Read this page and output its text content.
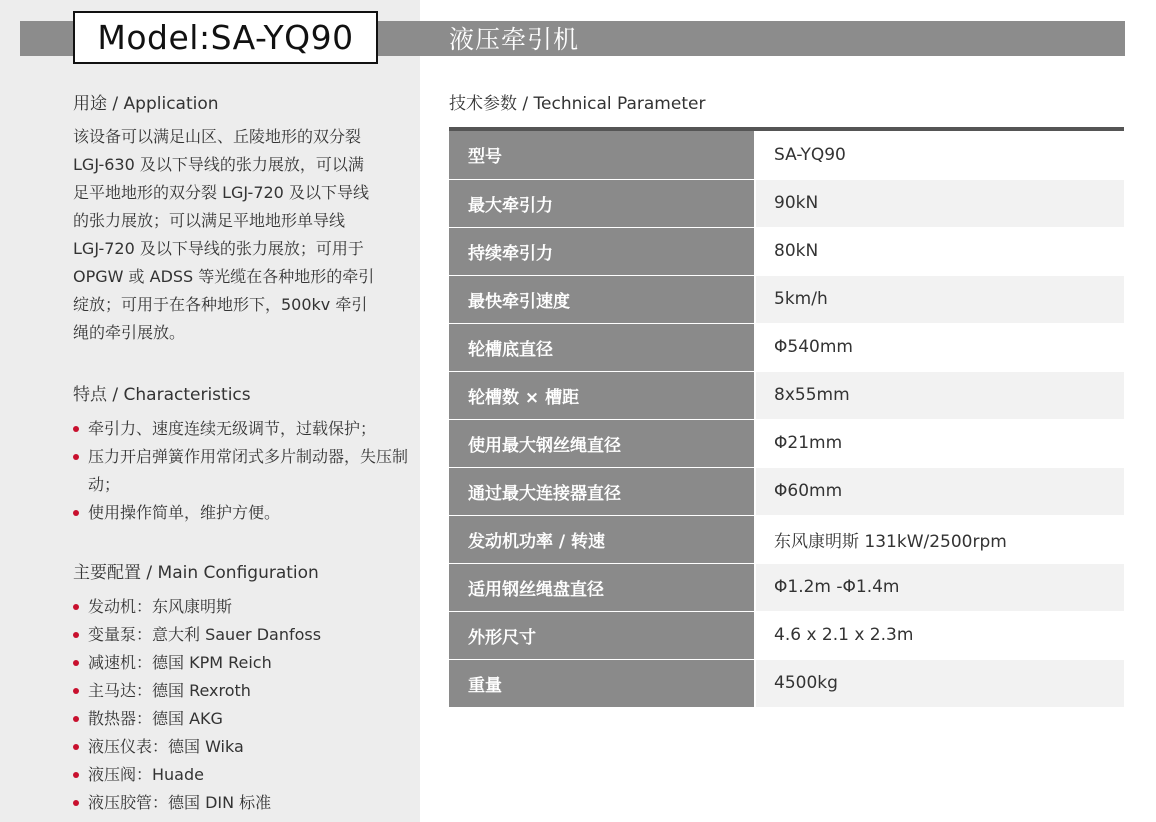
Model:SA-YQ90	液压牵引机
用途 / Application
该设备可以满足山区、丘陵地形的双分裂
LGJ-630 及以下导线的张力展放，可以满
足平地地形的双分裂 LGJ-720 及以下导线
的张力展放；可以满足平地地形单导线
LGJ-720 及以下导线的张力展放；可用于
OPGW 或 ADSS 等光缆在各种地形的牵引
绽放；可用于在各种地形下，500kv 牵引
绳的牵引展放。
特点 / Characteristics
牵引力、速度连续无级调节，过载保护；
压力开启弹簧作用常闭式多片制动器，失压制动；
使用操作简单，维护方便。
主要配置 / Main Configuration
发动机：东风康明斯
变量泵：意大利 Sauer Danfoss
减速机：德国 KPM Reich
主马达：德国 Rexroth
散热器：德国 AKG
液压仪表：德国 Wika
液压阀：Huade
液压胶管：德国 DIN 标准
技术参数 / Technical Parameter
型号	SA-YQ90
最大牵引力	90kN
持续牵引力	80kN
最快牵引速度	5km/h
轮槽底直径	Φ540mm
轮槽数 × 槽距	8x55mm
使用最大钢丝绳直径	Φ21mm
通过最大连接器直径	Φ60mm
发动机功率 / 转速	东风康明斯 131kW/2500rpm
适用钢丝绳盘直径	Φ1.2m -Φ1.4m
外形尺寸	4.6 x 2.1 x 2.3m
重量	4500kg
